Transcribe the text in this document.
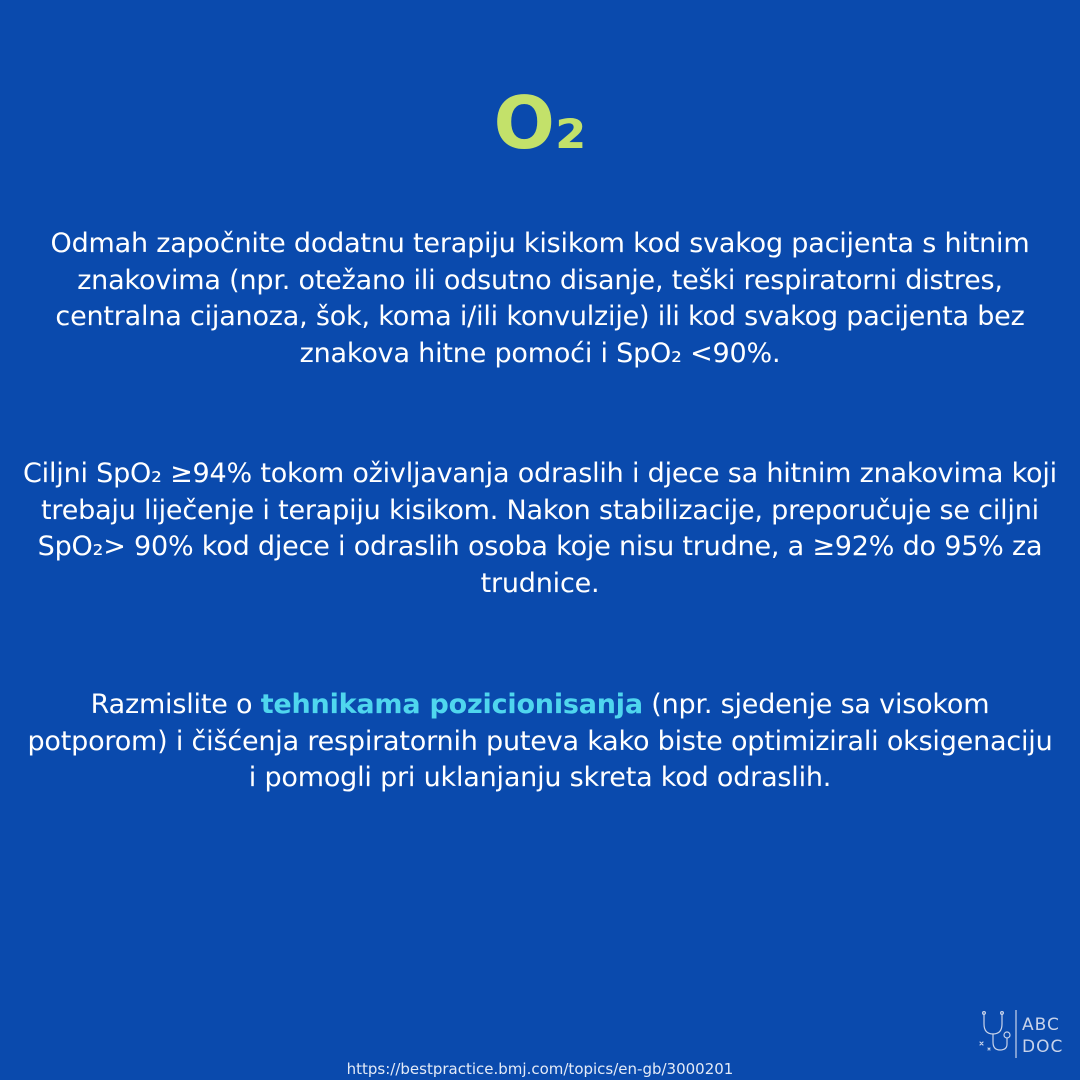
O₂

Odmah započnite dodatnu terapiju kisikom kod svakog pacijenta s hitnim znakovima (npr. otežano ili odsutno disanje, teški respiratorni distres, centralna cijanoza, šok, koma i/ili konvulzije) ili kod svakog pacijenta bez znakova hitne pomoći i SpO₂ <90%.

Ciljni SpO₂ ≥94% tokom oživljavanja odraslih i djece sa hitnim znakovima koji trebaju liječenje i terapiju kisikom. Nakon stabilizacije, preporučuje se ciljni SpO₂> 90% kod djece i odraslih osoba koje nisu trudne, a ≥92% do 95% za trudnice.

Razmislite o tehnikama pozicionisanja (npr. sjedenje sa visokom potporom) i čišćenja respiratornih puteva kako biste optimizirali oksigenaciju i pomogli pri uklanjanju skreta kod odraslih.

ABC
DOC
https://bestpractice.bmj.com/topics/en-gb/3000201
